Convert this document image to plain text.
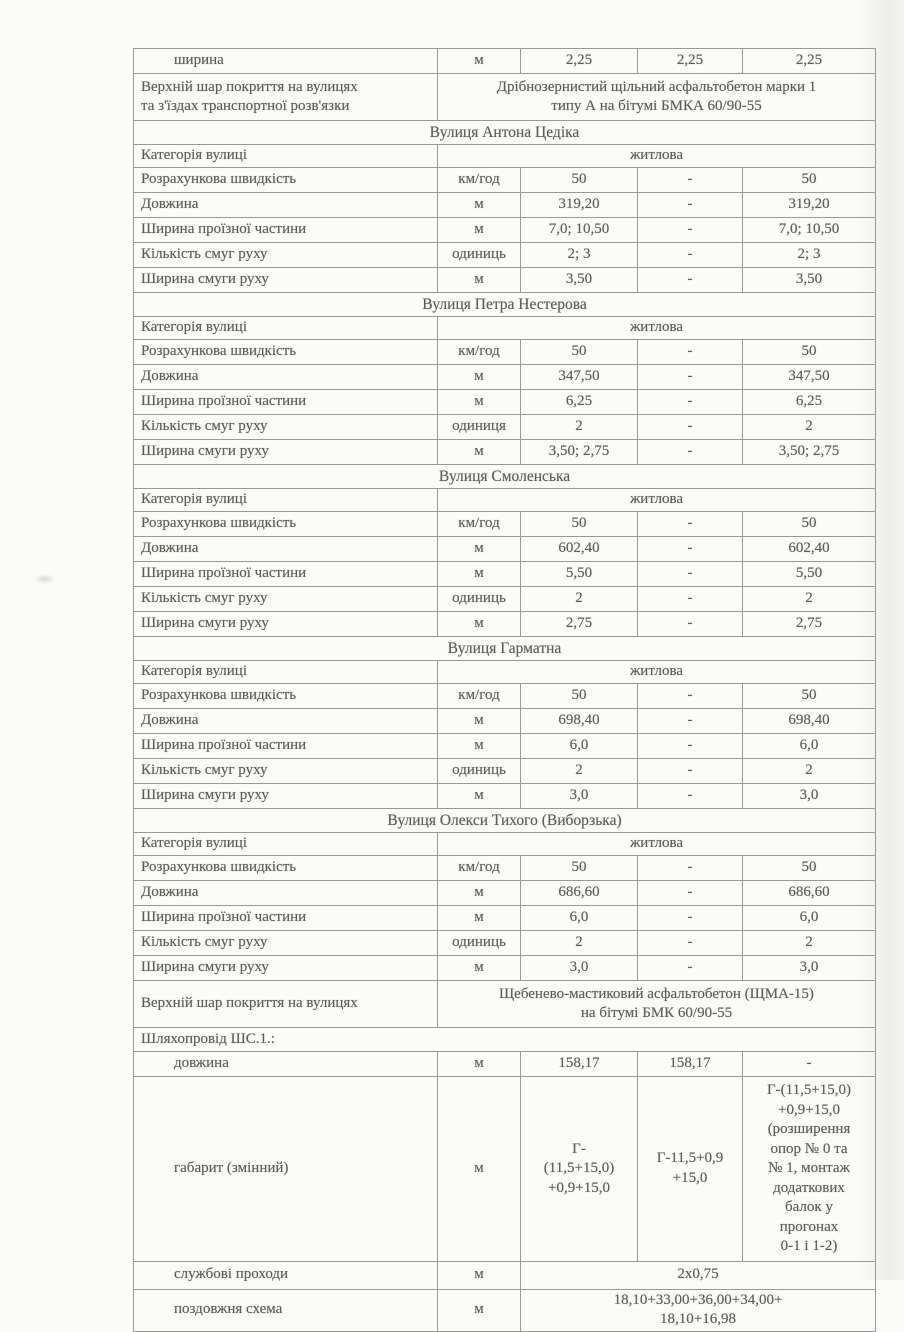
ширина	м	2,25	2,25	2,25
Верхній шар покриття на вулицях
та з'їздах транспортної розв'язки	Дрібнозернистий щільний асфальтобетон марки 1
типу А на бітумі БМКА 60/90-55			
Вулиця Антона Цедіка				
Категорія вулиці	житлова			
Розрахункова швидкість	км/год	50	-	50
Довжина	м	319,20	-	319,20
Ширина проїзної частини	м	7,0; 10,50	-	7,0; 10,50
Кількість смуг руху	одиниць	2; 3	-	2; 3
Ширина смуги руху	м	3,50	-	3,50
Вулиця Петра Нестерова				
Категорія вулиці	житлова			
Розрахункова швидкість	км/год	50	-	50
Довжина	м	347,50	-	347,50
Ширина проїзної частини	м	6,25	-	6,25
Кількість смуг руху	одиниця	2	-	2
Ширина смуги руху	м	3,50; 2,75	-	3,50; 2,75
Вулиця Смоленська				
Категорія вулиці	житлова			
Розрахункова швидкість	км/год	50	-	50
Довжина	м	602,40	-	602,40
Ширина проїзної частини	м	5,50	-	5,50
Кількість смуг руху	одиниць	2	-	2
Ширина смуги руху	м	2,75	-	2,75
Вулиця Гарматна				
Категорія вулиці	житлова			
Розрахункова швидкість	км/год	50	-	50
Довжина	м	698,40	-	698,40
Ширина проїзної частини	м	6,0	-	6,0
Кількість смуг руху	одиниць	2	-	2
Ширина смуги руху	м	3,0	-	3,0
Вулиця Олекси Тихого (Виборзька)				
Категорія вулиці	житлова			
Розрахункова швидкість	км/год	50	-	50
Довжина	м	686,60	-	686,60
Ширина проїзної частини	м	6,0	-	6,0
Кількість смуг руху	одиниць	2	-	2
Ширина смуги руху	м	3,0	-	3,0
Верхній шар покриття на вулицях	Щебенево-мастиковий асфальтобетон (ЩМА-15)
на бітумі БМК 60/90-55			
Шляхопровід ШС.1.:				
довжина	м	158,17	158,17	-
габарит (змінний)	м	Г-
(11,5+15,0)
+0,9+15,0	Г-11,5+0,9
+15,0	Г-(11,5+15,0)
+0,9+15,0
(розширення
опор № 0 та
№ 1, монтаж
додаткових
балок у
прогонах
0-1 і 1-2)
службові проходи	м	2х0,75		
поздовжня схема	м	18,10+33,00+36,00+34,00+
18,10+16,98		
